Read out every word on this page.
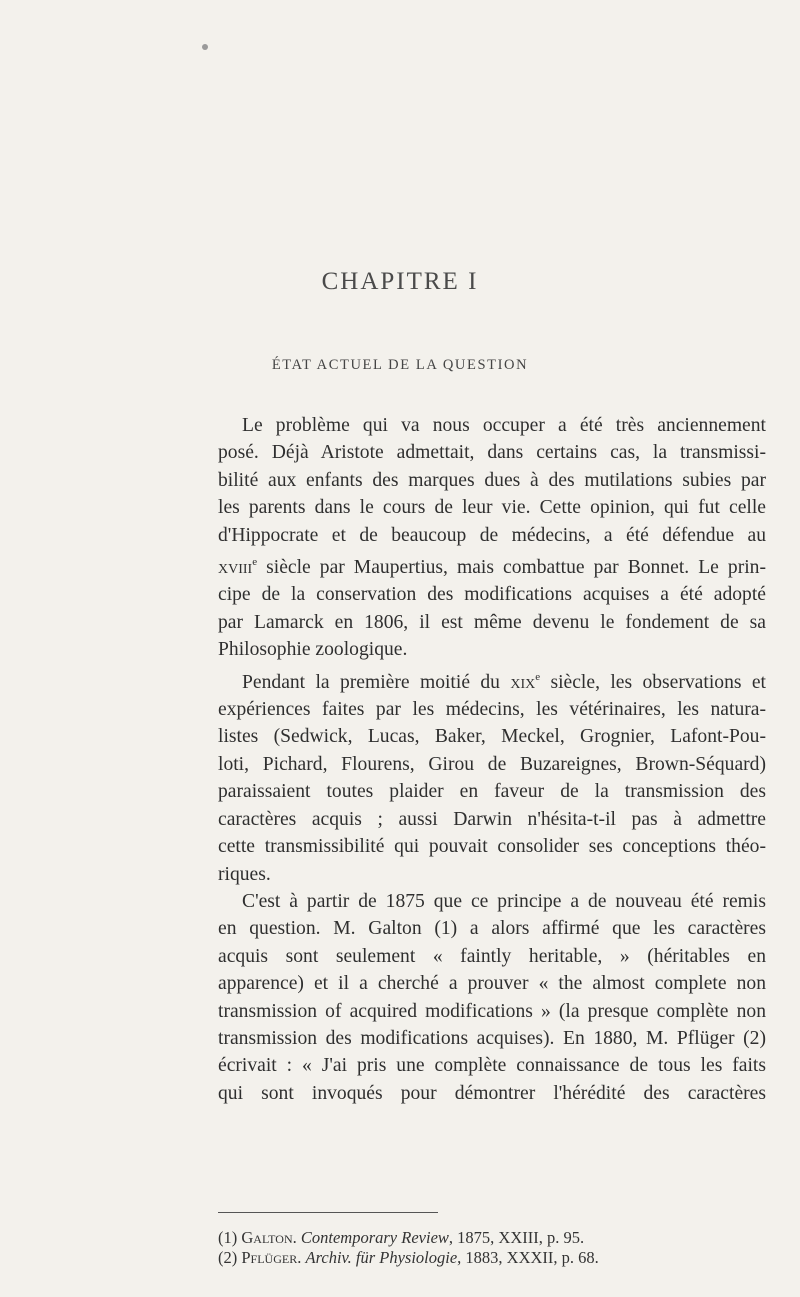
CHAPITRE I
ÉTAT ACTUEL DE LA QUESTION
Le problème qui va nous occuper a été très anciennement
posé. Déjà Aristote admettait, dans certains cas, la transmissi-
bilité aux enfants des marques dues à des mutilations subies par
les parents dans le cours de leur vie. Cette opinion, qui fut celle
d'Hippocrate et de beaucoup de médecins, a été défendue au
xviii$^e$ siècle par Maupertius, mais combattue par Bonnet. Le prin-
cipe de la conservation des modifications acquises a été adopté
par Lamarck en 1806, il est même devenu le fondement de sa
Philosophie zoologique.
Pendant la première moitié du xix$^e$ siècle, les observations et
expériences faites par les médecins, les vétérinaires, les natura-
listes (Sedwick, Lucas, Baker, Meckel, Grognier, Lafont-Pou-
loti, Pichard, Flourens, Girou de Buzareignes, Brown-Séquard)
paraissaient toutes plaider en faveur de la transmission des
caractères acquis ; aussi Darwin n'hésita-t-il pas à admettre
cette transmissibilité qui pouvait consolider ses conceptions théo-
riques.
C'est à partir de 1875 que ce principe a de nouveau été remis
en question. M. Galton (1) a alors affirmé que les caractères
acquis sont seulement « faintly heritable, » (héritables en
apparence) et il a cherché a prouver « the almost complete non
transmission of acquired modifications » (la presque complète non
transmission des modifications acquises). En 1880, M. Pflüger (2)
écrivait : « J'ai pris une complète connaissance de tous les faits
qui sont invoqués pour démontrer l'hérédité des caractères
(1) Galton. Contemporary Review, 1875, XXIII, p. 95.
(2) Pflüger. Archiv. für Physiologie, 1883, XXXII, p. 68.
